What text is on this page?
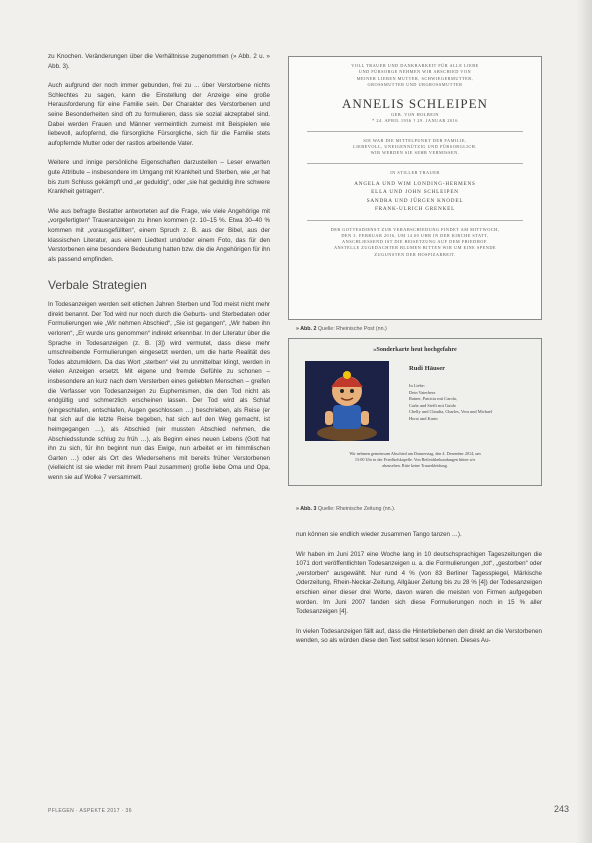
zu Knochen. Veränderungen über die Verhältnisse zugenommen (» Abb. 2 u. » Abb. 3).

Auch aufgrund der noch immer gebunden, frei zu ... über Verstorbene nichts Schlechtes zu sagen, kann die Einstellung der Anzeige eine große Herausforderung für eine Familie sein. Der Charakter des Verstorbenen und seine Besonderheiten sind oft zu formulieren, dass sie sozial akzeptabel sind. Dabei werden Frauen und Männer vermeintlich zumeist mit Beispielen wie liebevoll, aufopfernd, die fürsorgliche Fürsorgliche, sich für die Familie stets aufopfernde Mutter oder der rastlos arbeitende Vater.

Weitere und innige persönliche Eigenschaften darzustellen – Leser erwarten gute Attribute – insbesondere im Umgang mit Krankheit und Sterben, wie „er hat bis zum Schluss gekämpft und „er geduldig“, oder „sie hat geduldig ihre schwere Krankheit getragen“.

Wie aus befragte Bestatter antworteten auf die Frage, wie viele Angehörige mit „vorgefertigten“ Traueranzeigen zu ihnen kommen (z. 10–15 %. Etwa 30–40 % kommen mit „vorausgefüllten“, einem Spruch z. B. aus der Bibel, aus der klassischen Literatur, aus einem Liedtext und/oder einem Foto, das für den Verstorbenen eine besondere Bedeutung hatten bzw. die die Angehörigen für ihn als passend empfinden.

Verbale Strategien

In Todesanzeigen werden seit etlichen Jahren Sterben und Tod meist nicht mehr direkt benannt. Der Tod wird nur noch durch die Geburts- und Sterbedaten oder Formulierungen wie „Wir nehmen Abschied“, „Sie ist gegangen“, „Wir haben ihn verloren“, „Er wurde uns genommen“ indirekt erkennbar. In der Literatur über die Sprache in Todesanzeigen (z. B. [3]) wird vermutet, dass diese mehr umschreibende Formulierungen eingesetzt werden, um die harte Realität des Todes abzumildern. Da das Wort „sterben“ viel zu unmittelbar klingt, werden in vielen Anzeigen ersetzt. Mit eigene und fremde Gefühle zu schonen – insbesondere an kurz nach dem Versterben eines geliebten Menschen – greifen die Verfasser von Todesanzeigen zu Euphemismen, die den Tod nicht als endgültig und schmerzlich erscheinen lassen. Der Tod wird als Schlaf (eingeschlafen, entschlafen, Augen geschlossen …) beschrieben, als Reise (er hat sich auf die letzte Reise begeben, hat sich auf den Weg gemacht, ist heimgegangen …), als Abschied (wir mussten Abschied nehmen, die Abschiedsstunde schlug zu früh …), als Beginn eines neuen Lebens (Gott hat ihn zu sich, für ihn beginnt nun das Ewige, nun arbeitet er im himmlischen Garten …) oder als Ort des Wiedersehens mit bereits früher Verstorbenen (vielleicht ist sie wieder mit ihrem Paul zusammen) große liebe Oma und Opa, wenn sie auf Wolke 7 versammelt.

VOLL TRAUER UND DANKBARKEIT FÜR ALLE LIEBE

UND FÜRSORGE NEHMEN WIR ABSCHIED VON

MEINER LIEBEN MUTTER, SCHWIEGERMUTTER,

GROSSMUTTER UND URGROSSMUTTER

ANNELIS SCHLEIPEN

GEB. VON HOLBEIN

* 24. APRIL 1936 † 29. JANUAR 2016

SIE WAR DIE MITTELPUNKT DER FAMILIE,

LIEBEVOLL, UNEIGENNÜTZIG UND FÜRSORGLICH.

WIR WERDEN SIE SEHR VERMISSEN.

IN STILLER TRAUER

ANGELA UND WIM LONDING-HERMENS

ELLA UND JOHN SCHLEIPEN

SANDRA UND JÜRGEN KNODEL

FRANK-ULRICH GRENKEL

DER GOTTESDIENST ZUR VERABSCHIEDUNG FINDET AM MITTWOCH,

DEN 3. FEBRUAR 2016, UM 14.00 UHR IN DER KIRCHE STATT,

ANSCHLIESSEND IST DIE BEISETZUNG AUF DEM FRIEDHOF.

ANSTELLE ZUGEDACHTER BLUMEN BITTEN WIR UM EINE SPENDE

ZUGUNSTEN DER HOSPIZARBEIT.

» Abb. 2 Quelle: Rheinische Post (nn.)
»Sonderkarte heut hochgefahre
Rudi Häuser

In Liebe:

Dein Vaterherz

Rainer, Patricia mit Carola,

Carla und Steffi mit Guido

Chelly und Claudia, Charles, Vera und Michael

Horst und Karin

Wir nehmen gemeinsam Abschied am Donnerstag, den 4. Dezember 2014, um

15:00 Uhr in der Friedhofskapelle. Von Beileidsbekundungen bitten wir

abzusehen. Bitte keine Trauerkleidung.

» Abb. 3 Quelle: Rheinische Zeitung (nn.).

nun können sie endlich wieder zusammen Tango tanzen …).

Wir haben im Juni 2017 eine Woche lang in 10 deutschsprachigen Tageszeitungen die 1071 dort veröffentlichten Todesanzeigen u. a. die Formulierungen „tot“, „gestorben“ oder „verstorben“ ausgewählt. Nur rund 4 % (von 83 Berliner Tagesspiegel, Märkische Oderzeitung, Rhein-Neckar-Zeitung, Allgäuer Zeitung bis zu 28 % [4]) der Todesanzeigen erschien einer dieser drei Worte, davon waren die meisten von Firmen aufgegeben worden. Im Juni 2007 fanden sich diese Formulierungen noch in 15 % aller Todesanzeigen [4].

In vielen Todesanzeigen fällt auf, dass die Hinterbliebenen den direkt an die Verstorbenen wenden, so als würden diese den Text selbst lesen können. Dieses Au-

PFLEGEN · ASPEKTE 2017 · 36	243
